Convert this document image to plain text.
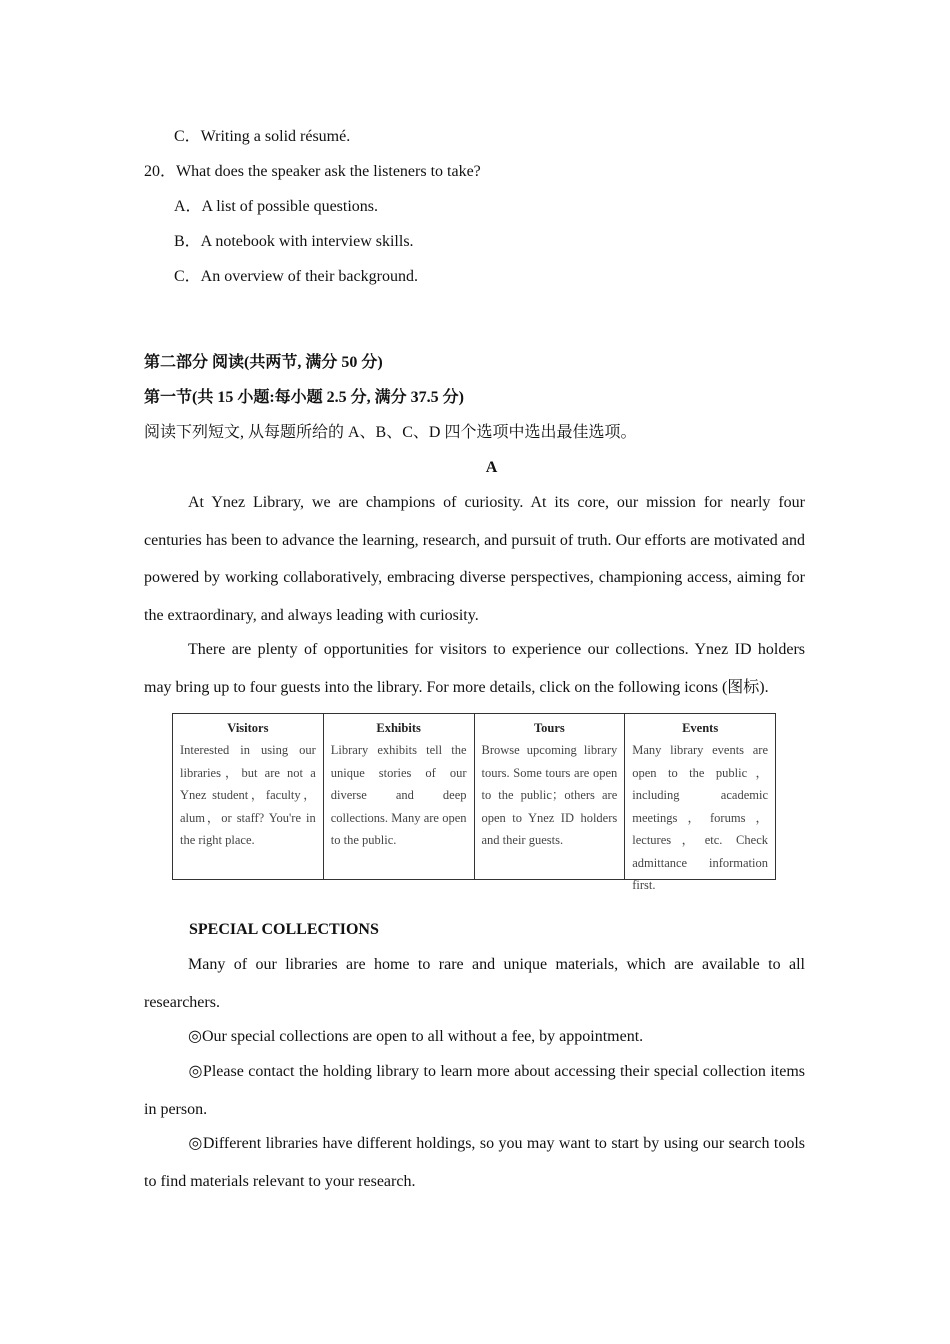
C．Writing a solid résumé.
20．What does the speaker ask the listeners to take?
A．A list of possible questions.
B．A notebook with interview skills.
C．An overview of their background.
第二部分 阅读(共两节, 满分 50 分)
第一节(共 15 小题:每小题 2.5 分, 满分 37.5 分)
阅读下列短文, 从每题所给的 A、B、C、D 四个选项中选出最佳选项。
A

At Ynez Library, we are champions of curiosity. At its core, our mission for nearly four centuries has been to advance the learning, research, and pursuit of truth. Our efforts are motivated and powered by working collaboratively, embracing diverse perspectives, championing access, aiming for the extraordinary, and always leading with curiosity.

There are plenty of opportunities for visitors to experience our collections. Ynez ID holders may bring up to four guests into the library. For more details, click on the following icons (图标).

Visitors
Interested in using our libraries，but are not a Ynez student，faculty，alum，or staff? You're in the right place.
Exhibits
Library exhibits tell the unique stories of our diverse and deep collections. Many are open to the public.
Tours
Browse upcoming library tours. Some tours are open to the public；others are open to Ynez ID holders and their guests.
Events
Many library events are open to the public，including academic meetings，forums，lectures，etc. Check admittance information first.
SPECIAL COLLECTIONS

Many of our libraries are home to rare and unique materials, which are available to all researchers.

◎Our special collections are open to all without a fee, by appointment.

◎Please contact the holding library to learn more about accessing their special collection items in person.

◎Different libraries have different holdings, so you may want to start by using our search tools to find materials relevant to your research.
